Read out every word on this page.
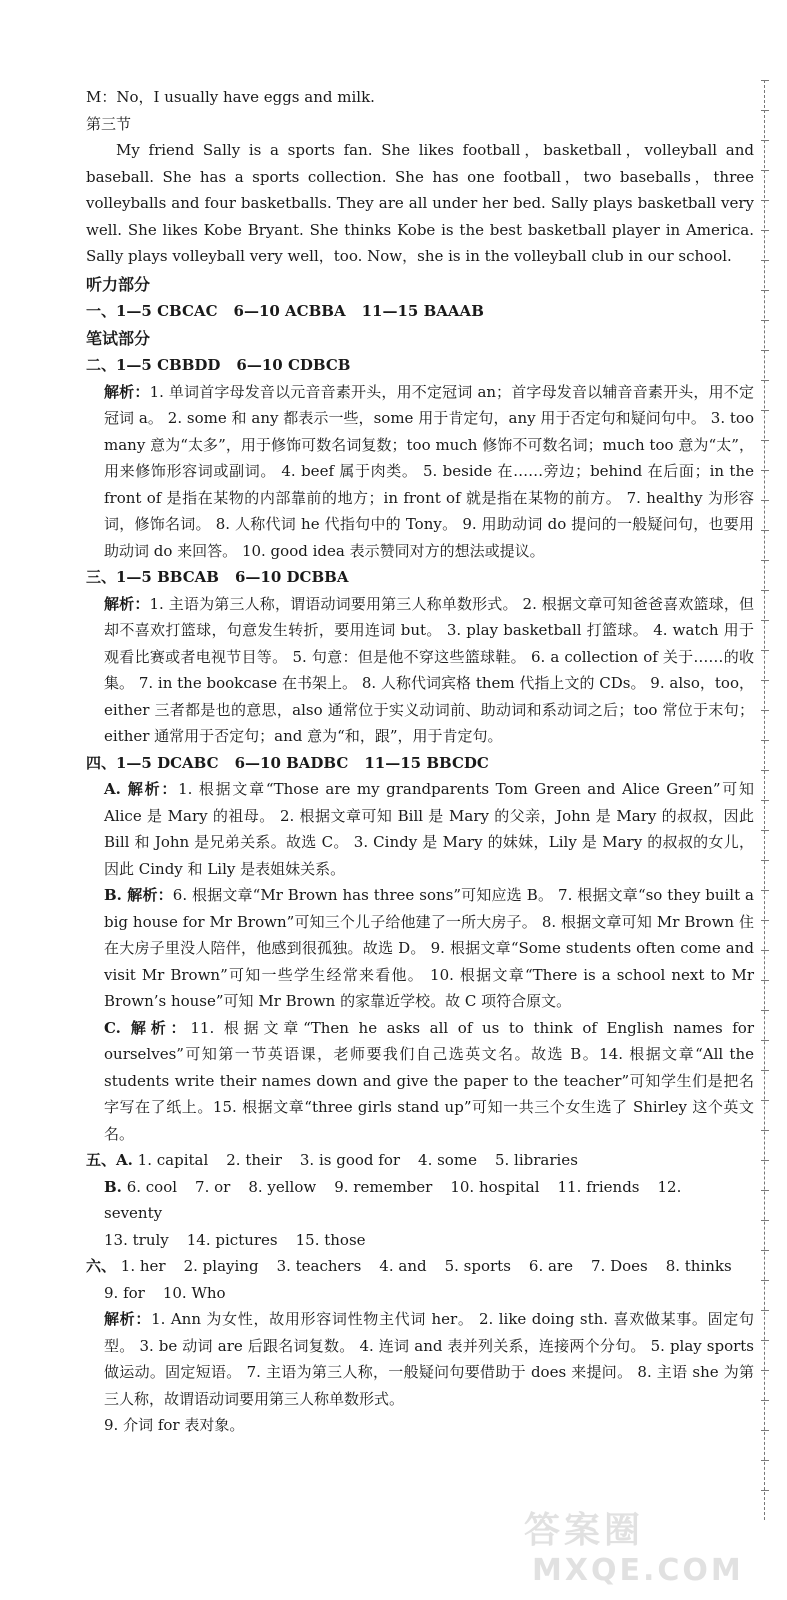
M：No，I usually have eggs and milk.

第三节

My friend Sally is a sports fan. She likes football，basketball，volleyball and baseball. She has a sports collection. She has one football，two baseballs，three volleyballs and four basketballs. They are all under her bed. Sally plays basketball very well. She likes Kobe Bryant. She thinks Kobe is the best basketball player in America. Sally plays volleyball very well，too. Now，she is in the volleyball club in our school.

听力部分

一、1—5 CBCAC 6—10 ACBBA 11—15 BAAAB

笔试部分

二、1—5 CBBDD 6—10 CDBCB

解析：1. 单词首字母发音以元音音素开头，用不定冠词 an；首字母发音以辅音音素开头，用不定冠词 a。 2. some 和 any 都表示一些，some 用于肯定句，any 用于否定句和疑问句中。 3. too many 意为“太多”，用于修饰可数名词复数；too much 修饰不可数名词；much too 意为“太”，用来修饰形容词或副词。 4. beef 属于肉类。 5. beside 在……旁边；behind 在后面；in the front of 是指在某物的内部靠前的地方；in front of 就是指在某物的前方。 7. healthy 为形容词，修饰名词。 8. 人称代词 he 代指句中的 Tony。 9. 用助动词 do 提问的一般疑问句，也要用助动词 do 来回答。 10. good idea 表示赞同对方的想法或提议。

三、1—5 BBCAB 6—10 DCBBA

解析：1. 主语为第三人称，谓语动词要用第三人称单数形式。 2. 根据文章可知爸爸喜欢篮球，但却不喜欢打篮球，句意发生转折，要用连词 but。 3. play basketball 打篮球。 4. watch 用于观看比赛或者电视节目等。 5. 句意：但是他不穿这些篮球鞋。 6. a collection of 关于……的收集。 7. in the bookcase 在书架上。 8. 人称代词宾格 them 代指上文的 CDs。 9. also，too，either 三者都是也的意思，also 通常位于实义动词前、助动词和系动词之后；too 常位于末句；either 通常用于否定句；and 意为“和，跟”，用于肯定句。

四、1—5 DCABC 6—10 BADBC 11—15 BBCDC

A. 解析：1. 根据文章“Those are my grandparents Tom Green and Alice Green”可知 Alice 是 Mary 的祖母。 2. 根据文章可知 Bill 是 Mary 的父亲，John 是 Mary 的叔叔，因此 Bill 和 John 是兄弟关系。故选 C。 3. Cindy 是 Mary 的妹妹，Lily 是 Mary 的叔叔的女儿，因此 Cindy 和 Lily 是表姐妹关系。

B. 解析：6. 根据文章“Mr Brown has three sons”可知应选 B。 7. 根据文章“so they built a big house for Mr Brown”可知三个儿子给他建了一所大房子。 8. 根据文章可知 Mr Brown 住在大房子里没人陪伴，他感到很孤独。故选 D。 9. 根据文章“Some students often come and visit Mr Brown”可知一些学生经常来看他。 10. 根据文章“There is a school next to Mr Brown’s house”可知 Mr Brown 的家靠近学校。故 C 项符合原文。

C. 解析：11. 根据文章“Then he asks all of us to think of English names for ourselves”可知第一节英语课，老师要我们自己选英文名。故选 B。14. 根据文章“All the students write their names down and give the paper to the teacher”可知学生们是把名字写在了纸上。15. 根据文章“three girls stand up”可知一共三个女生选了 Shirley 这个英文名。

五、A. 1. capital 2. their 3. is good for 4. some 5. libraries

B. 6. cool 7. or 8. yellow 9. remember 10. hospital 11. friends 12. seventy

13. truly 14. pictures 15. those

六、 1. her 2. playing 3. teachers 4. and 5. sports 6. are 7. Does 8. thinks

9. for 10. Who

解析：1. Ann 为女性，故用形容词性物主代词 her。 2. like doing sth. 喜欢做某事。固定句型。 3. be 动词 are 后跟名词复数。 4. 连词 and 表并列关系，连接两个分句。 5. play sports 做运动。固定短语。 7. 主语为第三人称，一般疑问句要借助于 does 来提问。 8. 主语 she 为第三人称，故谓语动词要用第三人称单数形式。

9. 介词 for 表对象。

答案圈
MXQE.COM
